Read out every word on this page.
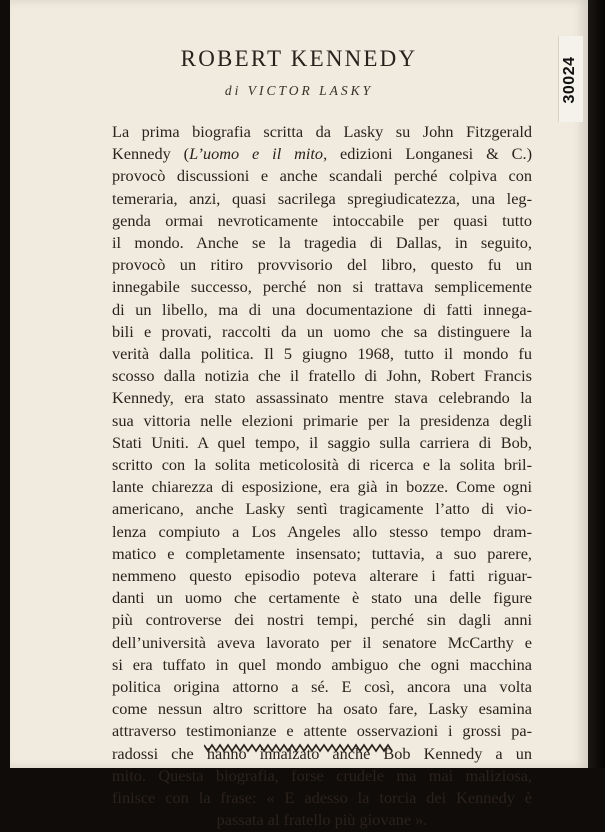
30024
ROBERT KENNEDY
di VICTOR LASKY

La prima biografia scritta da Lasky su John Fitzgerald
Kennedy (L’uomo e il mito, edizioni Longanesi & C.)
provocò discussioni e anche scandali perché colpiva con
temeraria, anzi, quasi sacrilega spregiudicatezza, una leg-
genda ormai nevroticamente intoccabile per quasi tutto
il mondo. Anche se la tragedia di Dallas, in seguito,
provocò un ritiro provvisorio del libro, questo fu un
innegabile successo, perché non si trattava semplicemente
di un libello, ma di una documentazione di fatti innega-
bili e provati, raccolti da un uomo che sa distinguere la
verità dalla politica. Il 5 giugno 1968, tutto il mondo fu
scosso dalla notizia che il fratello di John, Robert Francis
Kennedy, era stato assassinato mentre stava celebrando la
sua vittoria nelle elezioni primarie per la presidenza degli
Stati Uniti. A quel tempo, il saggio sulla carriera di Bob,
scritto con la solita meticolosità di ricerca e la solita bril-
lante chiarezza di esposizione, era già in bozze. Come ogni
americano, anche Lasky sentì tragicamente l’atto di vio-
lenza compiuto a Los Angeles allo stesso tempo dram-
matico e completamente insensato; tuttavia, a suo parere,
nemmeno questo episodio poteva alterare i fatti riguar-
danti un uomo che certamente è stato una delle figure
più controverse dei nostri tempi, perché sin dagli anni
dell’università aveva lavorato per il senatore McCarthy e
si era tuffato in quel mondo ambiguo che ogni macchina
politica origina attorno a sé. E così, ancora una volta
come nessun altro scrittore ha osato fare, Lasky esamina
attraverso testimonianze e attente osservazioni i grossi pa-
radossi che hanno innalzato anche Bob Kennedy a un
mito. Questa biografia, forse crudele ma mai maliziosa,
finisce con la frase: « E adesso la torcia dei Kennedy è
passata al fratello più giovane ».
